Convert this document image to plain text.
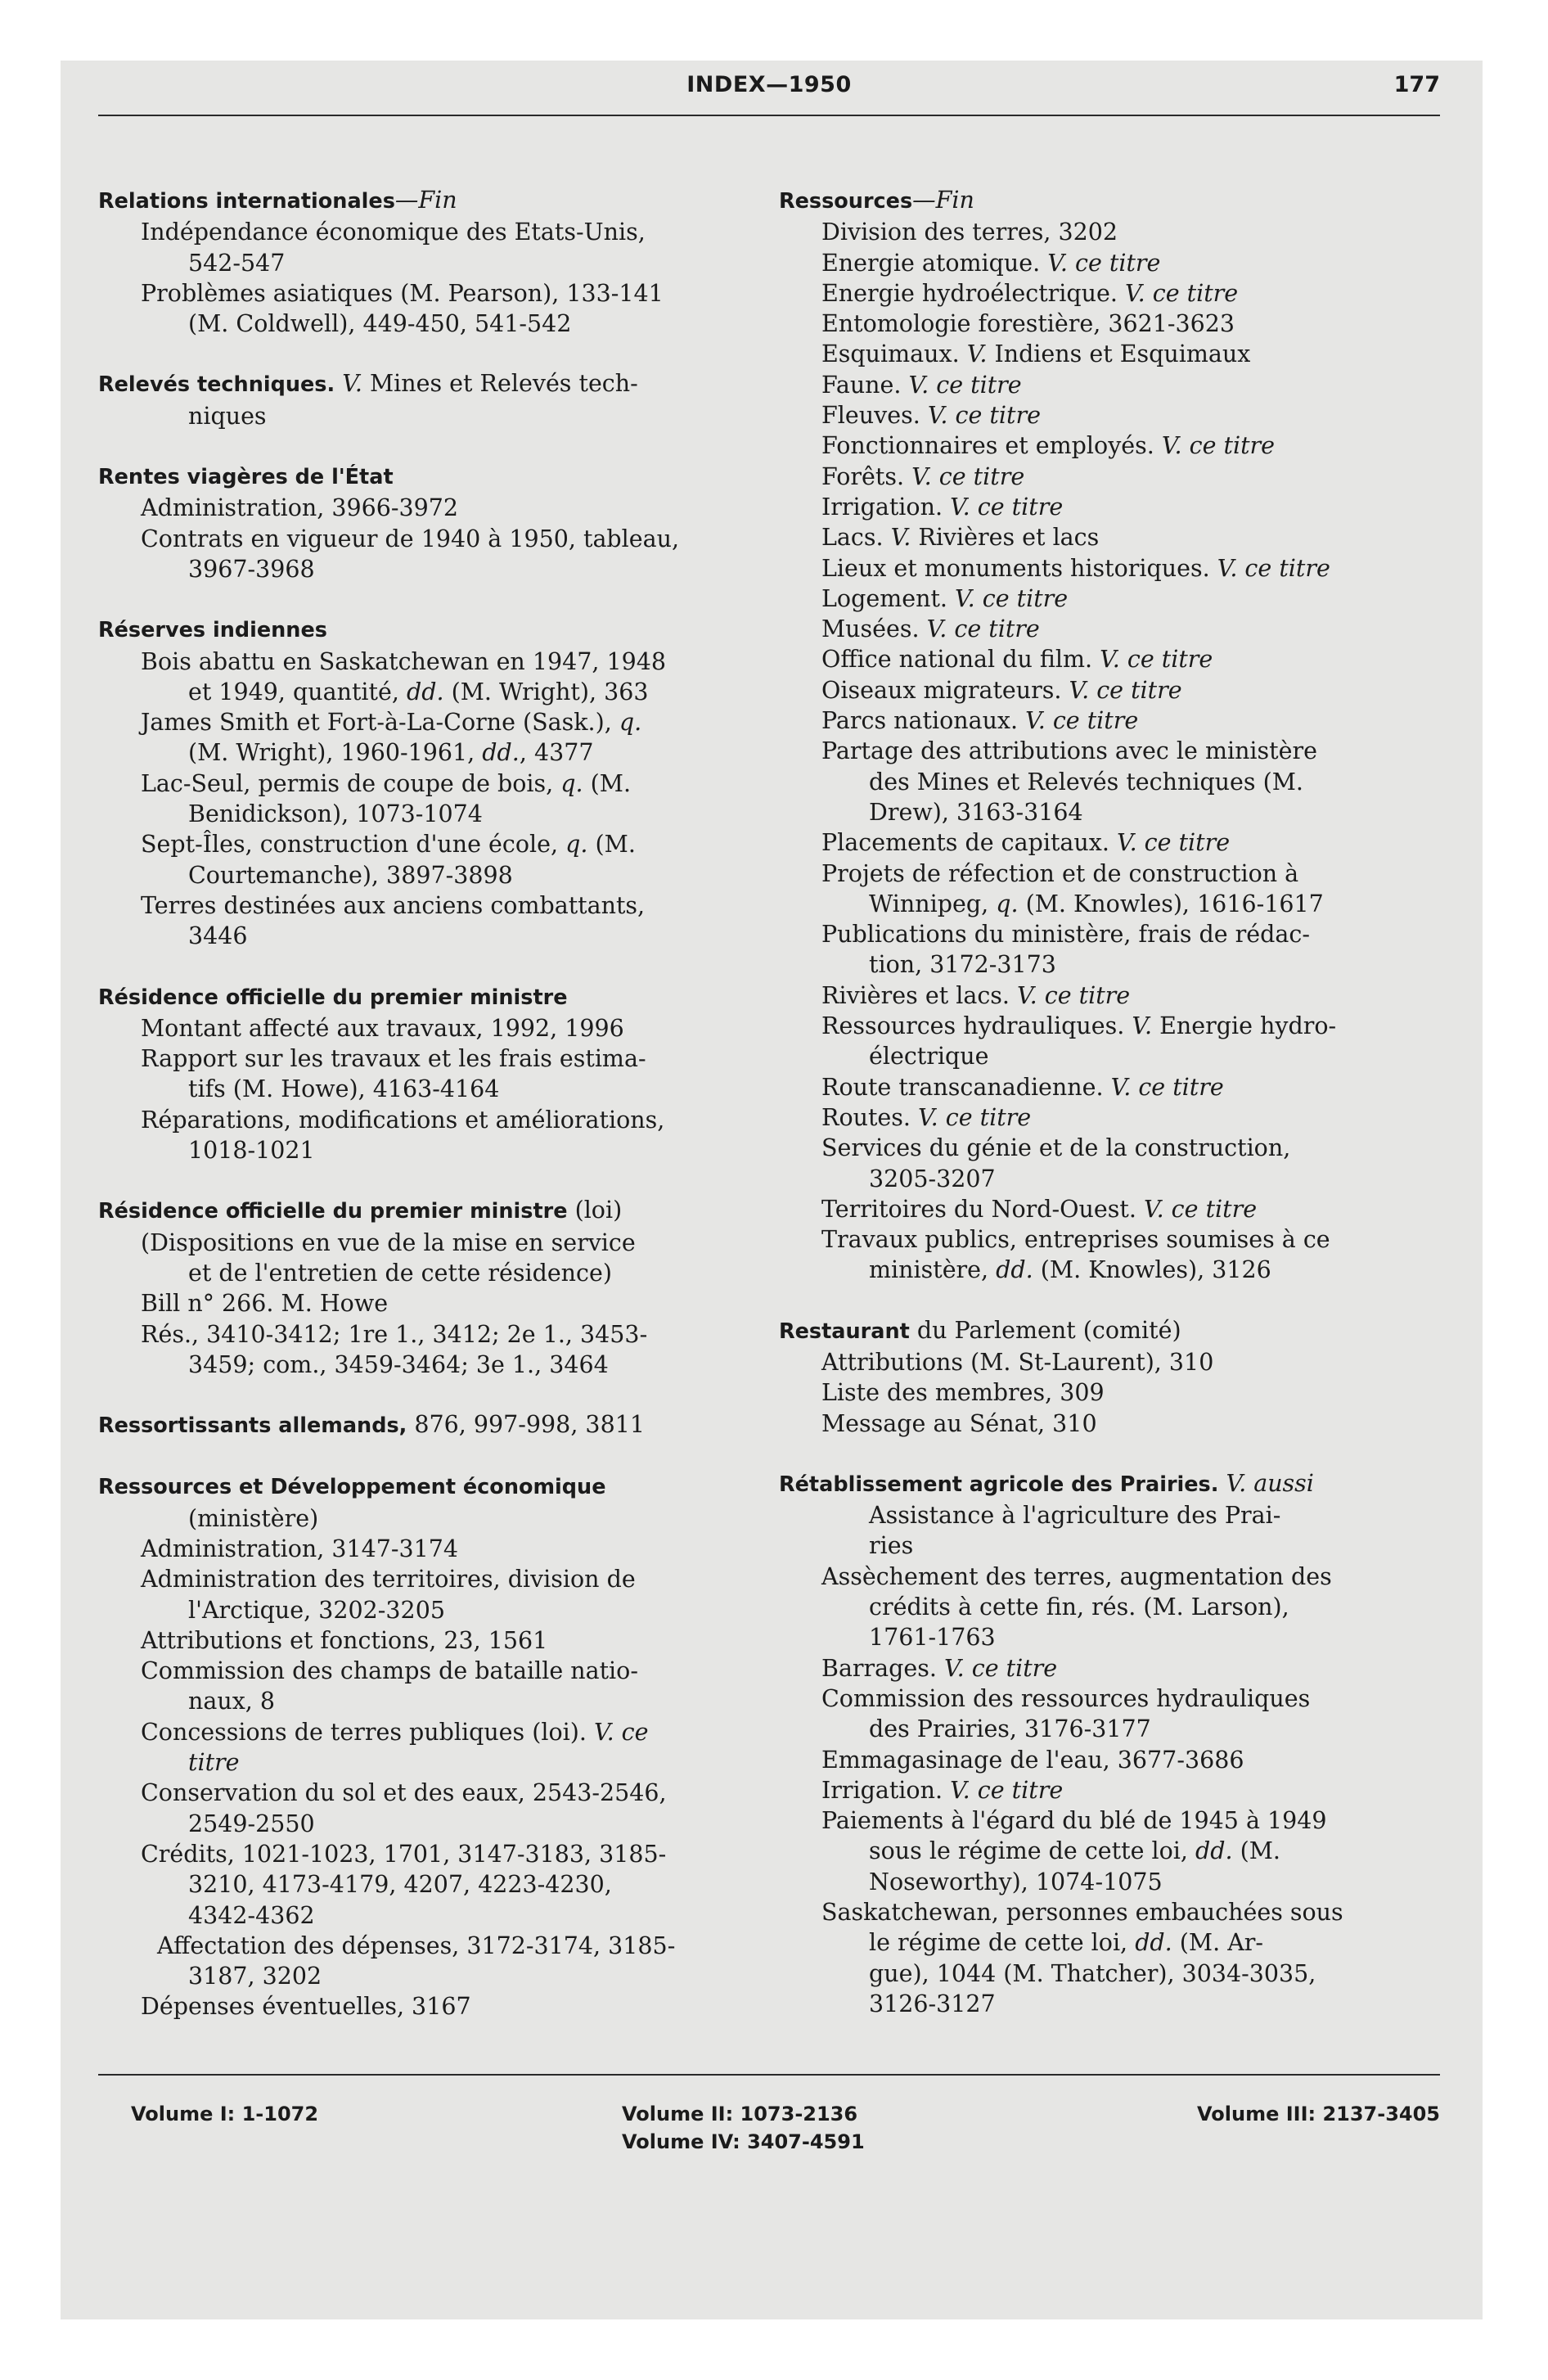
INDEX—1950	177
Relations internationales—Fin
Indépendance économique des Etats-Unis,
542-547
Problèmes asiatiques (M. Pearson), 133-141
(M. Coldwell), 449-450, 541-542
Relevés techniques. V. Mines et Relevés tech-
niques
Rentes viagères de l'État
Administration, 3966-3972
Contrats en vigueur de 1940 à 1950, tableau,
3967-3968
Réserves indiennes
Bois abattu en Saskatchewan en 1947, 1948
et 1949, quantité, dd. (M. Wright), 363
James Smith et Fort-à-La-Corne (Sask.), q.
(M. Wright), 1960-1961, dd., 4377
Lac-Seul, permis de coupe de bois, q. (M.
Benidickson), 1073-1074
Sept-Îles, construction d'une école, q. (M.
Courtemanche), 3897-3898
Terres destinées aux anciens combattants,
3446
Résidence officielle du premier ministre
Montant affecté aux travaux, 1992, 1996
Rapport sur les travaux et les frais estima-
tifs (M. Howe), 4163-4164
Réparations, modifications et améliorations,
1018-1021
Résidence officielle du premier ministre (loi)
(Dispositions en vue de la mise en service
et de l'entretien de cette résidence)
Bill n° 266. M. Howe
Rés., 3410-3412; 1re 1., 3412; 2e 1., 3453-
3459; com., 3459-3464; 3e 1., 3464
Ressortissants allemands, 876, 997-998, 3811
Ressources et Développement économique
(ministère)
Administration, 3147-3174
Administration des territoires, division de
l'Arctique, 3202-3205
Attributions et fonctions, 23, 1561
Commission des champs de bataille natio-
naux, 8
Concessions de terres publiques (loi). V. ce
titre
Conservation du sol et des eaux, 2543-2546,
2549-2550
Crédits, 1021-1023, 1701, 3147-3183, 3185-
3210, 4173-4179, 4207, 4223-4230,
4342-4362
Affectation des dépenses, 3172-3174, 3185-
3187, 3202
Dépenses éventuelles, 3167
Ressources—Fin
Division des terres, 3202
Energie atomique. V. ce titre
Energie hydroélectrique. V. ce titre
Entomologie forestière, 3621-3623
Esquimaux. V. Indiens et Esquimaux
Faune. V. ce titre
Fleuves. V. ce titre
Fonctionnaires et employés. V. ce titre
Forêts. V. ce titre
Irrigation. V. ce titre
Lacs. V. Rivières et lacs
Lieux et monuments historiques. V. ce titre
Logement. V. ce titre
Musées. V. ce titre
Office national du film. V. ce titre
Oiseaux migrateurs. V. ce titre
Parcs nationaux. V. ce titre
Partage des attributions avec le ministère
des Mines et Relevés techniques (M.
Drew), 3163-3164
Placements de capitaux. V. ce titre
Projets de réfection et de construction à
Winnipeg, q. (M. Knowles), 1616-1617
Publications du ministère, frais de rédac-
tion, 3172-3173
Rivières et lacs. V. ce titre
Ressources hydrauliques. V. Energie hydro-
électrique
Route transcanadienne. V. ce titre
Routes. V. ce titre
Services du génie et de la construction,
3205-3207
Territoires du Nord-Ouest. V. ce titre
Travaux publics, entreprises soumises à ce
ministère, dd. (M. Knowles), 3126
Restaurant du Parlement (comité)
Attributions (M. St-Laurent), 310
Liste des membres, 309
Message au Sénat, 310
Rétablissement agricole des Prairies. V. aussi
Assistance à l'agriculture des Prai-
ries
Assèchement des terres, augmentation des
crédits à cette fin, rés. (M. Larson),
1761-1763
Barrages. V. ce titre
Commission des ressources hydrauliques
des Prairies, 3176-3177
Emmagasinage de l'eau, 3677-3686
Irrigation. V. ce titre
Paiements à l'égard du blé de 1945 à 1949
sous le régime de cette loi, dd. (M.
Noseworthy), 1074-1075
Saskatchewan, personnes embauchées sous
le régime de cette loi, dd. (M. Ar-
gue), 1044 (M. Thatcher), 3034-3035,
3126-3127
Volume I: 1-1072	Volume II: 1073-2136	Volume III: 2137-3405
Volume IV: 3407-4591
